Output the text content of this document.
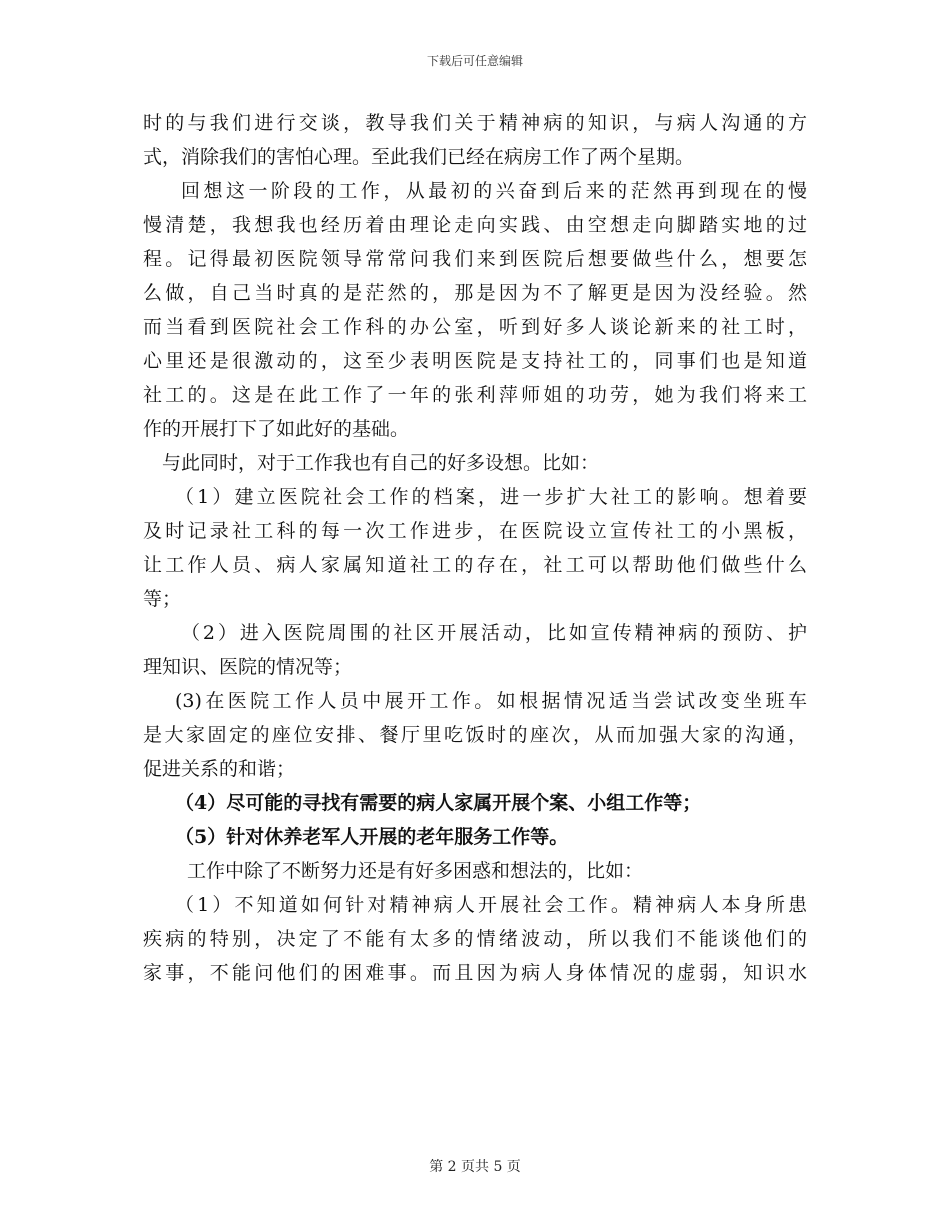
下载后可任意编辑
时的与我们进行交谈，教导我们关于精神病的知识，与病人沟通的方
式，消除我们的害怕心理。至此我们已经在病房工作了两个星期。
回想这一阶段的工作，从最初的兴奋到后来的茫然再到现在的慢
慢清楚，我想我也经历着由理论走向实践、由空想走向脚踏实地的过
程。记得最初医院领导常常问我们来到医院后想要做些什么，想要怎
么做，自己当时真的是茫然的，那是因为不了解更是因为没经验。然
而当看到医院社会工作科的办公室，听到好多人谈论新来的社工时，
心里还是很激动的，这至少表明医院是支持社工的，同事们也是知道
社工的。这是在此工作了一年的张利萍师姐的功劳，她为我们将来工
作的开展打下了如此好的基础。
与此同时，对于工作我也有自己的好多设想。比如：
（1）建立医院社会工作的档案，进一步扩大社工的影响。想着要
及时记录社工科的每一次工作进步，在医院设立宣传社工的小黑板，
让工作人员、病人家属知道社工的存在，社工可以帮助他们做些什么
等；
（2）进入医院周围的社区开展活动，比如宣传精神病的预防、护
理知识、医院的情况等；
(3)在医院工作人员中展开工作。如根据情况适当尝试改变坐班车
是大家固定的座位安排、餐厅里吃饭时的座次，从而加强大家的沟通，
促进关系的和谐；
（4）尽可能的寻找有需要的病人家属开展个案、小组工作等；
（5）针对休养老军人开展的老年服务工作等。
工作中除了不断努力还是有好多困惑和想法的，比如：
（1）不知道如何针对精神病人开展社会工作。精神病人本身所患
疾病的特别，决定了不能有太多的情绪波动，所以我们不能谈他们的
家事，不能问他们的困难事。而且因为病人身体情况的虚弱，知识水
第 2 页共 5 页
